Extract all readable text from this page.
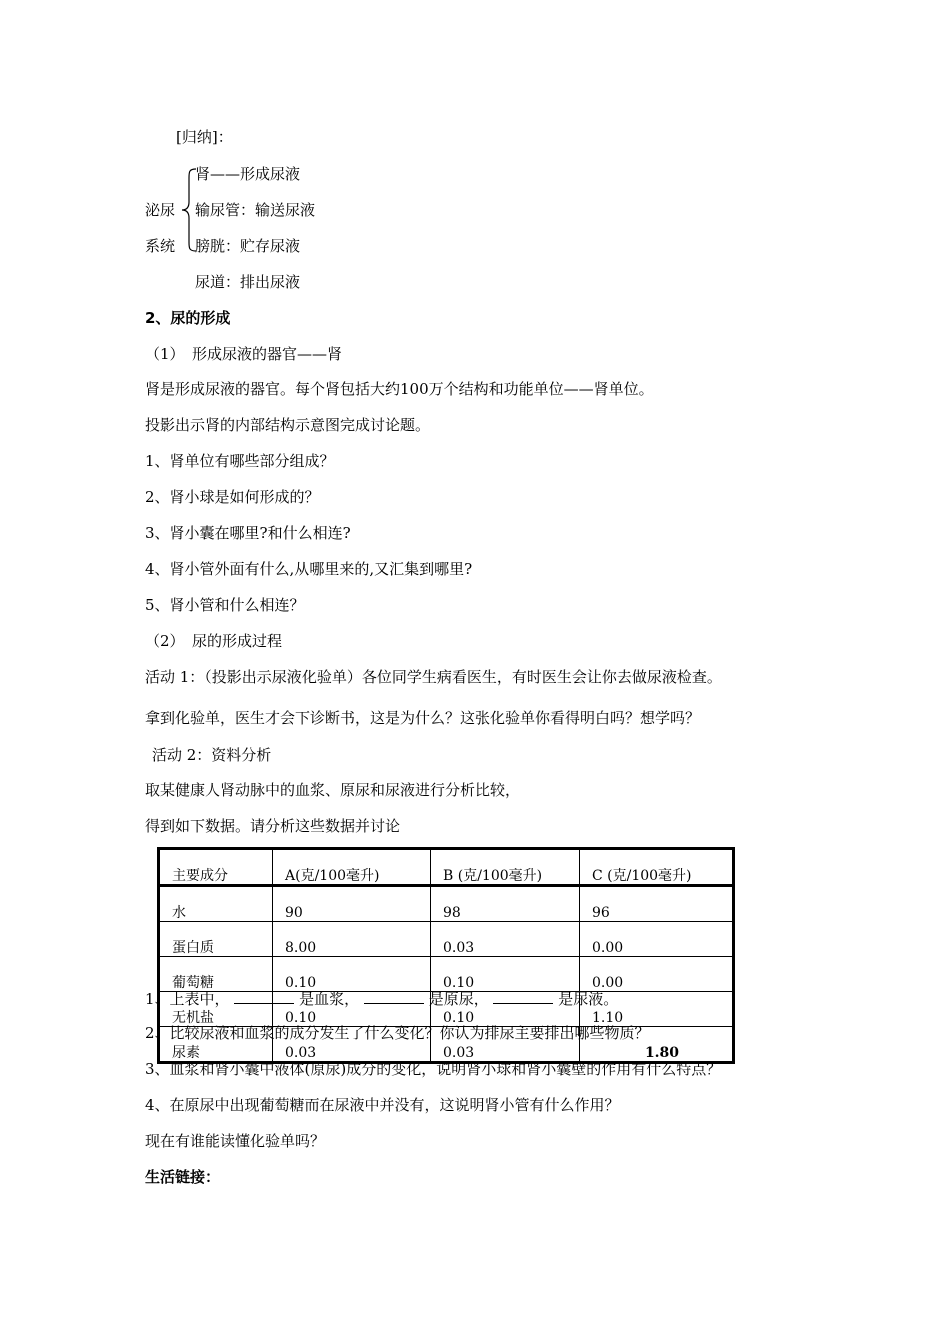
[归纳]：
泌尿
系统
肾——形成尿液
输尿管：输送尿液
膀胱：贮存尿液
尿道：排出尿液
2、尿的形成
（1）　形成尿液的器官——肾
肾是形成尿液的器官。每个肾包括大约100万个结构和功能单位——肾单位。
投影出示肾的内部结构示意图完成讨论题。
1、肾单位有哪些部分组成？
2、肾小球是如何形成的？
3、肾小囊在哪里?和什么相连?
4、肾小管外面有什么,从哪里来的,又汇集到哪里?
5、肾小管和什么相连？
（2）　尿的形成过程
活动 1：（投影出示尿液化验单）各位同学生病看医生，有时医生会让你去做尿液检查。
拿到化验单，医生才会下诊断书，这是为什么？这张化验单你看得明白吗？想学吗？
活动 2：资料分析
取某健康人肾动脉中的血浆、原尿和尿液进行分析比较，
得到如下数据。请分析这些数据并讨论
主要成分	A(克/100毫升)	B (克/100毫升)	C (克/100毫升)
水	90	98	96
蛋白质	8.00	0.03	0.00
葡萄糖	0.10	0.10	0.00
无机盐	0.10	0.10	1.10
尿素	0.03	0.03	1.80
1、上表中，	是血浆，	是原尿，	是尿液。
2、比较尿液和血浆的成分发生了什么变化？你认为排尿主要排出哪些物质？
3、血浆和肾小囊中液体(原尿)成分的变化，说明肾小球和肾小囊壁的作用有什么特点？
4、在原尿中出现葡萄糖而在尿液中并没有，这说明肾小管有什么作用？
现在有谁能读懂化验单吗？
生活链接：
